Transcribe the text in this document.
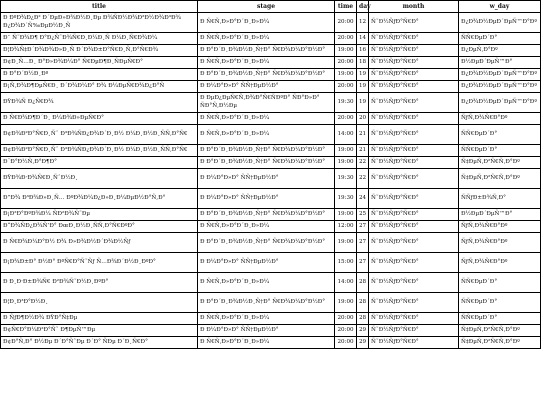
title	stage	time	day	month	w_day
Ð ÐºÐ¾Ð¿Ð² Ð´ÐµÐ»Ð¾Ð½Ð¸Ðµ Ð¾ÑÐ½Ð¾Ð²Ð½Ð¾Ð³Ð¾ Ð¿Ð¾Ð´Ñ‰ÐµÐ½Ð¸Ñ	Ð Ñ€Ñ‚Ð»Ð°Ð´Ð¸Ð»Ð¼	20:00	12	Ñ˜Ð½ÑƒÐ°Ñ€Ð°	Ð¿Ð¾Ð½ÐµÐ´ÐµÑ™Ð°Ðº
Ð¯ Ñ˜Ð¾Ð¶ Ð°Ð¿Ñ˜Ð¾Ñ€Ð¸Ð¼Ð¸Ñ Ð¼Ð¸Ñ€Ð¾Ð¼	Ð Ñ€Ñ‚Ð»Ð°Ð´Ð¸Ð»Ð¼	20:00	14	Ñ˜Ð½ÑƒÐ°Ñ€Ð°	ÑÑ€ÐµÐ´Ð°
Ð¦Ð¾Ñ‡Ð´Ð¾Ð¾Ð»Ð¸Ñ Ð´Ð¾Ð±Ð°Ñ€Ð¸Ñ‚Ð°Ñ€Ð¾	Ð Ð°Ð´Ð¸Ð¾Ð½Ð¸Ñ†Ð° Ñ€Ð¾Ð¼Ð°Ð½Ð°	19:00	16	Ñ˜Ð½ÑƒÐ°Ñ€Ð°	Ð¿ÐµÑ‚Ð°Ðº
Ð¢Ð¸Ñ…Ð¸ Ð°Ð»Ð¾Ð¼Ð° Ñ€ÐµÐ¶Ð¸ÑÐµÑ€Ð°	Ð Ñ€Ñ‚Ð»Ð°Ð´Ð¸Ð»Ð¼	20:00	18	Ñ˜Ð½ÑƒÐ°Ñ€Ð°	Ð½ÐµÐ´ÐµÑ™Ð°
Ð Ð°Ð´Ð½Ð¸Ðº	Ð Ð°Ð´Ð¸Ð¾Ð½Ð¸Ñ†Ð° Ñ€Ð¾Ð¼Ð°Ð½Ð°	19:00	19	Ñ˜Ð½ÑƒÐ°Ñ€Ð°	Ð¿Ð¾Ð½ÐµÐ´ÐµÑ™Ð°Ðº
Ð¡Ñ‚Ð¾Ð¶ÐµÑ€Ð¸ Ð´Ð¾Ð¼Ð° Ð¾ Ð¼ÐµÑ€Ð¾Ð¿Ð°Ñ	Ð Ð¼Ð°Ð»Ð° ÑÑ†ÐµÐ½Ð°	20:00	19	Ñ˜Ð½ÑƒÐ°Ñ€Ð°	Ð¿Ð¾Ð½ÐµÐ´ÐµÑ™Ð°Ðº
ÐŸÐ¾Ñ Ð¿Ñ€Ð¾	Ð ÐµÐ¿ÐµÑ€Ñ‚Ð¾Ð°Ñ€ÑÐºÐ° ÑÐ°Ð»Ð° ÑÐ°Ñ‚Ð½Ðµ	19:30	19	Ñ˜Ð½ÑƒÐ°Ñ€Ð°	Ð¿Ð¾Ð½ÐµÐ´ÐµÑ™Ð°Ðº
Ð Ñ€Ð¾Ð¶Ð´Ð¸ Ð¼Ð¾Ð»ÐµÑ€Ð°	Ð Ñ€Ñ‚Ð»Ð°Ð´Ð¸Ð»Ð¼	20:00	20	Ñ˜Ð½ÑƒÐ°Ñ€Ð°	ÑƒÑ‚Ð¾Ñ€Ð°Ðº
Ð¢Ð¾Ð²Ð°Ñ€Ð¸Ñˆ Ð³Ð¾ÑÐ¿Ð¾Ð´Ð¸Ð½ Ð¼Ð¸Ð½Ð¸ÑÑ‚Ð°Ñ€	Ð Ñ€Ñ‚Ð»Ð°Ð´Ð¸Ð»Ð¼	14:00	21	Ñ˜Ð½ÑƒÐ°Ñ€Ð°	ÑÑ€ÐµÐ´Ð°
Ð¢Ð¾Ð²Ð°Ñ€Ð¸Ñˆ Ð³Ð¾ÑÐ¿Ð¾Ð´Ð¸Ð½ Ð¼Ð¸Ð½Ð¸ÑÑ‚Ð°Ñ€	Ð Ð°Ð´Ð¸Ð¾Ð½Ð¸Ñ†Ð° Ñ€Ð¾Ð¼Ð°Ð½Ð°	19:00	21	Ñ˜Ð½ÑƒÐ°Ñ€Ð°	ÑÑ€ÐµÐ´Ð°
Ð¨Ð°Ð½Ñ‚Ð°Ð¶Ð°	Ð Ð°Ð´Ð¸Ð¾Ð½Ð¸Ñ†Ð° Ñ€Ð¾Ð¼Ð°Ð½Ð°	19:00	22	Ñ˜Ð½ÑƒÐ°Ñ€Ð°	Ñ‡ÐµÑ‚Ð²Ñ€Ñ‚Ð°Ðº
ÐŸÐ¾Ð·Ð¾Ñ€Ð¸ÑˆÐ½Ð¸	Ð Ð¼Ð°Ð»Ð° ÑÑ†ÐµÐ½Ð°	19:30	22	Ñ˜Ð½ÑƒÐ°Ñ€Ð°	Ñ‡ÐµÑ‚Ð²Ñ€Ñ‚Ð°Ðº
Ð”Ð¾ Ð³Ð¾Ð»Ð¸Ñ… ÐºÐ¾Ð¼Ð¿Ð»Ð¸Ð¼ÐµÐ½Ð°Ñ‚Ð°	Ð Ð¼Ð°Ð»Ð° ÑÑ†ÐµÐ½Ð°	19:30	24	Ñ˜Ð½ÑƒÐ°Ñ€Ð°	ÑÑƒÐ±Ð¾Ñ‚Ð°
Ð¡Ð²Ð°ÐºÐ¾Ð¼ ÑÐ²Ð¾Ñ˜Ðµ	Ð Ð°Ð´Ð¸Ð¾Ð½Ð¸Ñ†Ð° Ñ€Ð¾Ð¼Ð°Ð½Ð°	19:00	25	Ñ˜Ð½ÑƒÐ°Ñ€Ð°	Ð½ÐµÐ´ÐµÑ™Ð°
Ð“Ð¾ÑÐ¿Ð¾Ñ’Ð° ÐœÐ¸Ð½Ð¸ÑÑ‚Ð°Ñ€ÐºÐ°	Ð Ñ€Ñ‚Ð»Ð°Ð´Ð¸Ð»Ð¼	12:00	27	Ñ˜Ð½ÑƒÐ°Ñ€Ð°	ÑƒÑ‚Ð¾Ñ€Ð°Ðº
Ð Ñ€Ð¾Ð¼Ð°Ð½ Ð¾ Ð»Ð¾Ð½Ð´Ð¾Ð½Ñƒ	Ð Ð°Ð´Ð¸Ð¾Ð½Ð¸Ñ†Ð° Ñ€Ð¾Ð¼Ð°Ð½Ð°	19:00	27	Ñ˜Ð½ÑƒÐ°Ñ€Ð°	ÑƒÑ‚Ð¾Ñ€Ð°Ðº
Ð¡Ð¾Ð±Ð° Ð½Ð° ÐºÑ€Ð°Ñ˜Ñƒ Ñ…Ð¾Ð´Ð½Ð¸ÐºÐ°	Ð Ð¼Ð°Ð»Ð° ÑÑ†ÐµÐ½Ð°	15:00	27	Ñ˜Ð½ÑƒÐ°Ñ€Ð°	ÑƒÑ‚Ð¾Ñ€Ð°Ðº
Ð Ð¸Ð·Ð±Ð¾Ñ€ Ð²Ð¾Ñ˜Ð½Ð¸ÐºÐ°	Ð Ñ€Ñ‚Ð»Ð°Ð´Ð¸Ð»Ð¼	14:00	28	Ñ˜Ð½ÑƒÐ°Ñ€Ð°	ÑÑ€ÐµÐ´Ð°
Ð¦Ð¸Ð³Ð°Ð½Ð¸	Ð Ð°Ð´Ð¸Ð¾Ð½Ð¸Ñ†Ð° Ñ€Ð¾Ð¼Ð°Ð½Ð°	19:00	28	Ñ˜Ð½ÑƒÐ°Ñ€Ð°	ÑÑ€ÐµÐ´Ð°
Ð ÑƒÐ¶Ð½Ð¾ ÐŸÐ°Ñ‡Ðµ	Ð Ñ€Ñ‚Ð»Ð°Ð´Ð¸Ð»Ð¼	20:00	28	Ñ˜Ð½ÑƒÐ°Ñ€Ð°	ÑÑ€ÐµÐ´Ð°
Ð¢Ñ€Ð°Ð¼Ð²Ð°Ñ˜ Ð¶ÐµÑ™Ðµ	Ð Ð¼Ð°Ð»Ð° ÑÑ†ÐµÐ½Ð°	20:00	29	Ñ˜Ð½ÑƒÐ°Ñ€Ð°	Ñ‡ÐµÑ‚Ð²Ñ€Ñ‚Ð°Ðº
Ð¢Ð°Ñ‚Ð° Ð½Ðµ Ð´Ð°Ñ˜Ðµ Ð´Ð° ÑÐµ Ð´Ð¸Ñ€Ð°	Ð Ñ€Ñ‚Ð»Ð°Ð´Ð¸Ð»Ð¼	20:00	29	Ñ˜Ð½ÑƒÐ°Ñ€Ð°	Ñ‡ÐµÑ‚Ð²Ñ€Ñ‚Ð°Ðº
